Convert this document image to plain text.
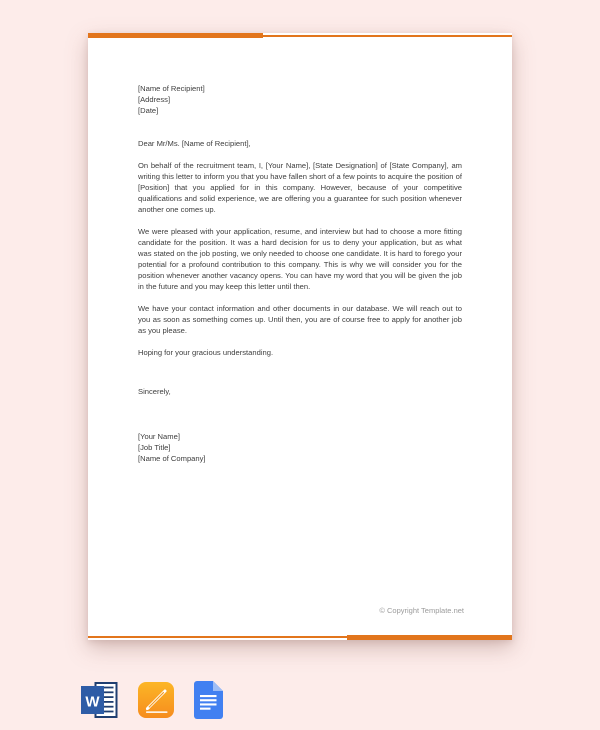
[Name of Recipient]
[Address]
[Date]

Dear Mr/Ms. [Name of Recipient],

On behalf of the recruitment team, I, [Your Name], [State Designation] of [State Company], am writing this letter to inform you that you have fallen short of a few points to acquire the position of [Position] that you applied for in this company. However, because of your competitive qualifications and solid experience, we are offering you a guarantee for such position whenever another one comes up.

We were pleased with your application, resume, and interview but had to choose a more fitting candidate for the position. It was a hard decision for us to deny your application, but as what was stated on the job posting, we only needed to choose one candidate. It is hard to forego your potential for a profound contribution to this company. This is why we will consider you for the position whenever another vacancy opens. You can have my word that you will be given the job in the future and you may keep this letter until then.

We have your contact information and other documents in our database. We will reach out to you as soon as something comes up. Until then, you are of course free to apply for another job as you please.

Hoping for your gracious understanding.

Sincerely,

[Your Name]
[Job Title]
[Name of Company]
© Copyright Template.net
W
